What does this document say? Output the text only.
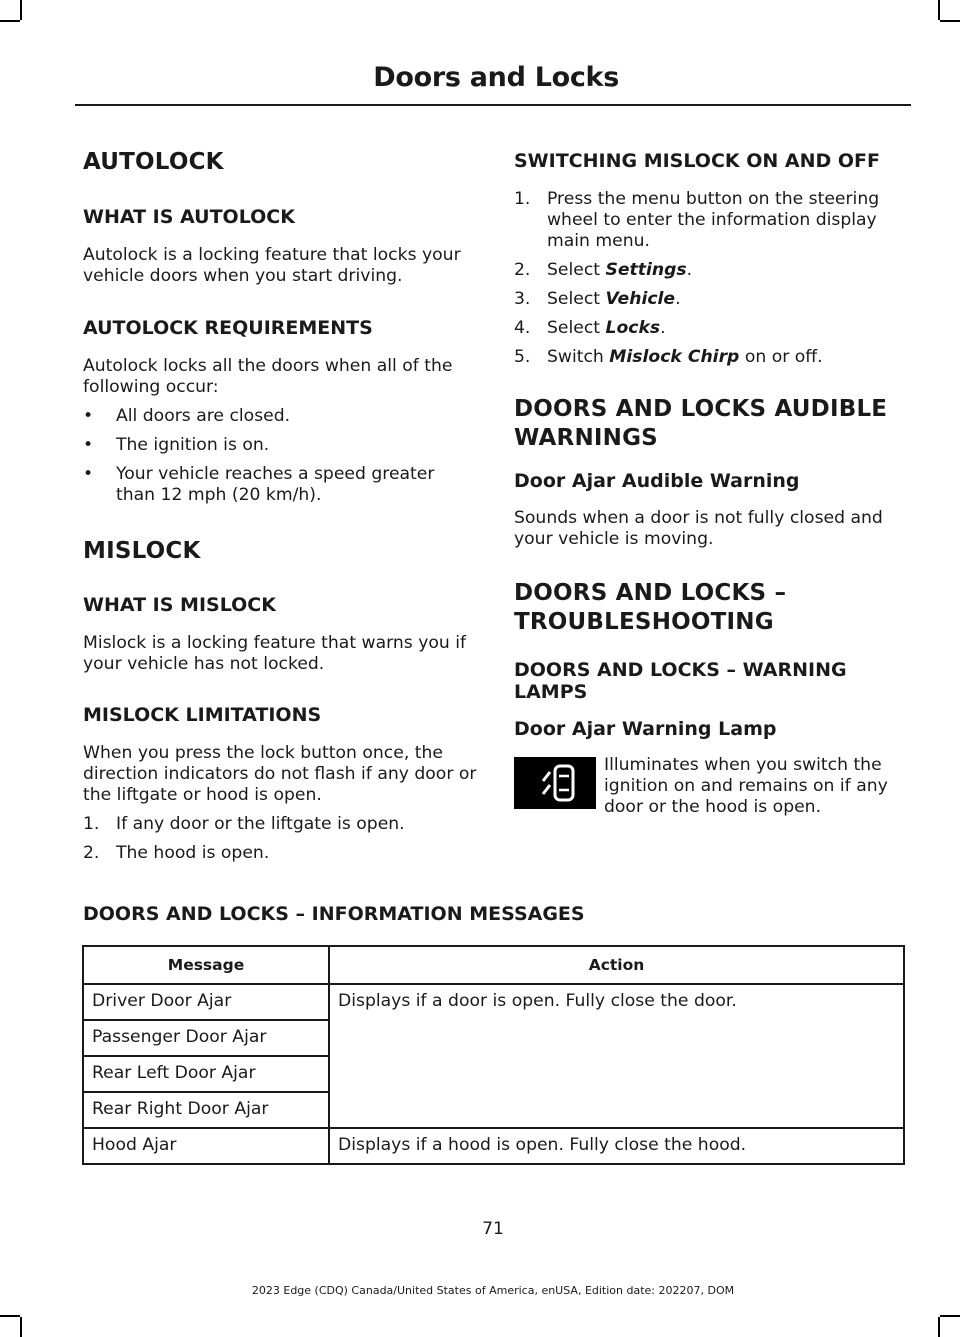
Doors and Locks
AUTOLOCK
WHAT IS AUTOLOCK

Autolock is a locking feature that locks your vehicle doors when you start driving.

AUTOLOCK REQUIREMENTS

Autolock locks all the doors when all of the following occur:

•	All doors are closed.
•	The ignition is on.
•	Your vehicle reaches a speed greater than 12 mph (20 km/h).
MISLOCK
WHAT IS MISLOCK

Mislock is a locking feature that warns you if your vehicle has not locked.

MISLOCK LIMITATIONS

When you press the lock button once, the direction indicators do not flash if any door or the liftgate or hood is open.

1. If any door or the liftgate is open.
2. The hood is open.
SWITCHING MISLOCK ON AND OFF
1. Press the menu button on the steering wheel to enter the information display main menu.
2. Select Settings.
3. Select Vehicle.
4. Select Locks.
5. Switch Mislock Chirp on or off.
DOORS AND LOCKS AUDIBLE
WARNINGS
Door Ajar Audible Warning

Sounds when a door is not fully closed and your vehicle is moving.

DOORS AND LOCKS –
TROUBLESHOOTING
DOORS AND LOCKS – WARNING LAMPS
Door Ajar Warning Lamp
Illuminates when you switch the ignition on and remains on if any door or the hood is open.
DOORS AND LOCKS – INFORMATION MESSAGES
Message	Action
Driver Door Ajar	Displays if a door is open. Fully close the door.
Passenger Door Ajar	
Rear Left Door Ajar	
Rear Right Door Ajar	
Hood Ajar	Displays if a hood is open. Fully close the hood.
71
2023 Edge (CDQ) Canada/United States of America, enUSA, Edition date: 202207, DOM
